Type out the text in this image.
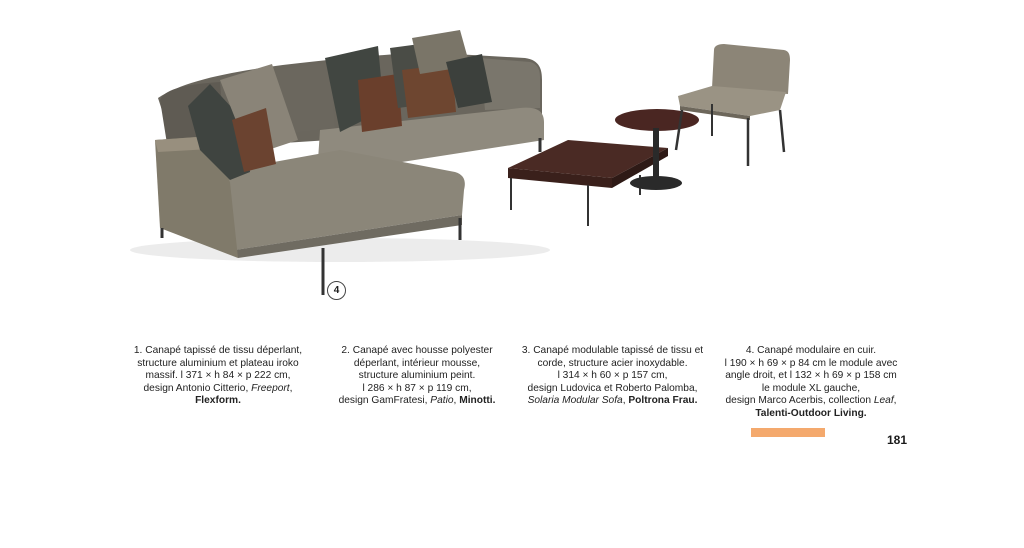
4
1. Canapé tapissé de tissu déperlant,
structure aluminium et plateau iroko
massif. l 371 × h 84 × p 222 cm,
design Antonio Citterio, Freeport,
Flexform.
2. Canapé avec housse polyester
déperlant, intérieur mousse,
structure aluminium peint.
l 286 × h 87 × p 119 cm,
design GamFratesi, Patio, Minotti.
3. Canapé modulable tapissé de tissu et
corde, structure acier inoxydable.
l 314 × h 60 × p 157 cm,
design Ludovica et Roberto Palomba,
Solaria Modular Sofa, Poltrona Frau.
4. Canapé modulaire en cuir.
l 190 × h 69 × p 84 cm le module avec
angle droit, et l 132 × h 69 × p 158 cm
le module XL gauche,
design Marco Acerbis, collection Leaf,
Talenti-Outdoor Living.
181
